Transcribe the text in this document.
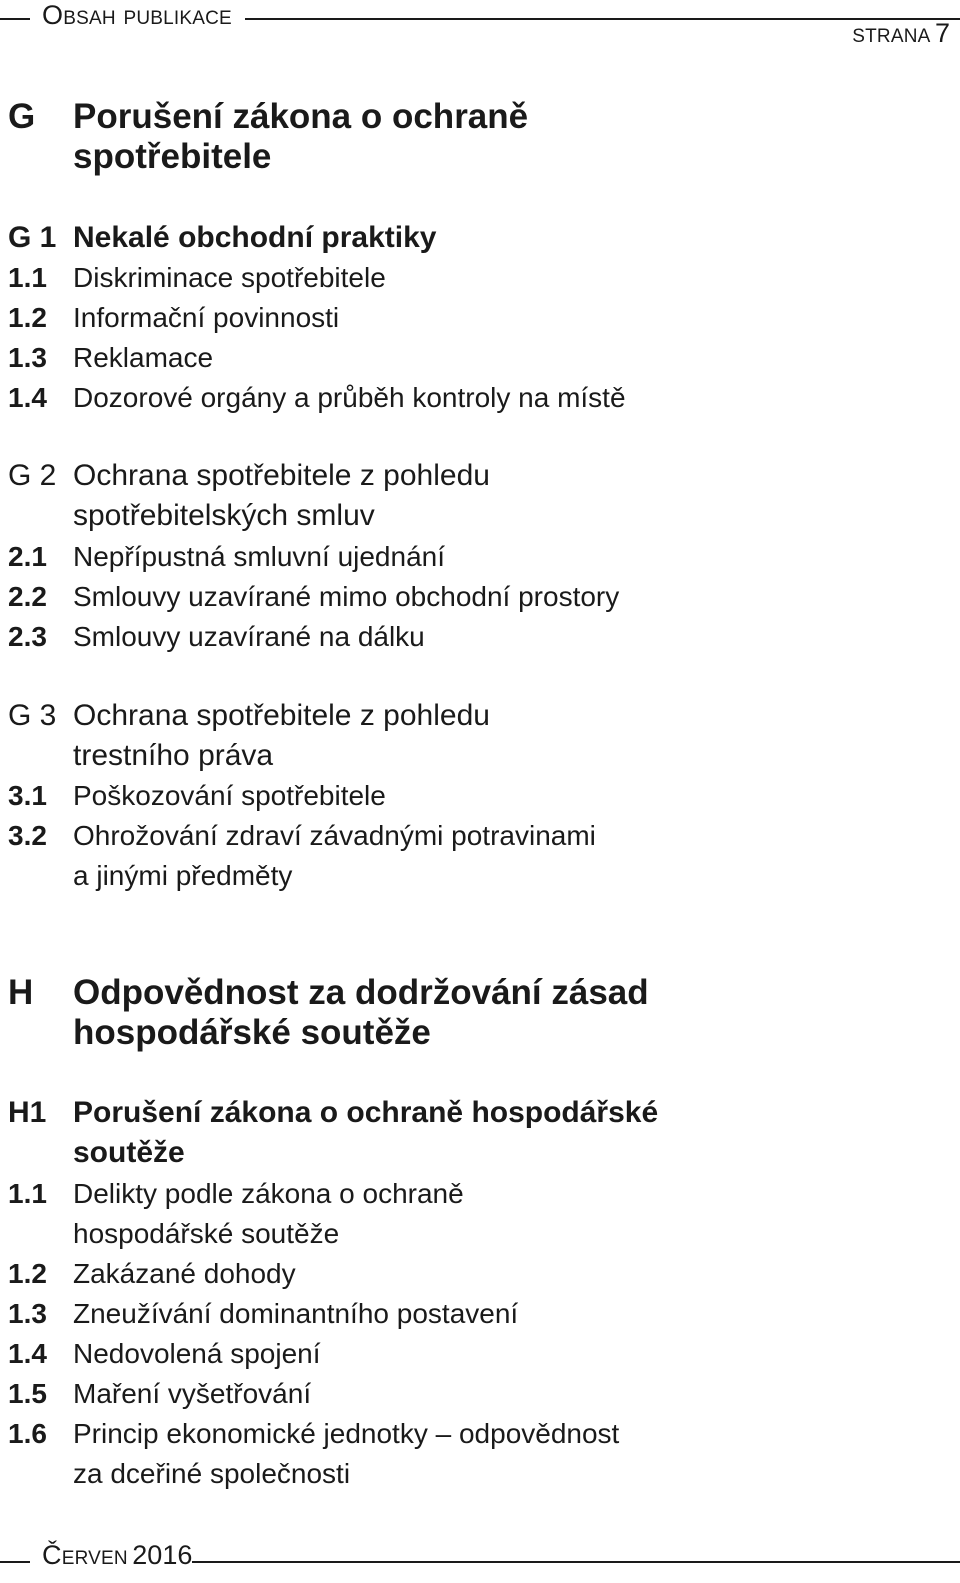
Obsah publikace
strana 7
G Porušení zákona o ochraně
spotřebitele
G 1 Nekalé obchodní praktiky
1.1 Diskriminace spotřebitele
1.2 Informační povinnosti
1.3 Reklamace
1.4 Dozorové orgány a průběh kontroly na místě
G 2 Ochrana spotřebitele z pohledu
spotřebitelských smluv
2.1 Nepřípustná smluvní ujednání
2.2 Smlouvy uzavírané mimo obchodní prostory
2.3 Smlouvy uzavírané na dálku
G 3 Ochrana spotřebitele z pohledu
trestního práva
3.1 Poškozování spotřebitele
3.2 Ohrožování zdraví závadnými potravinami
a jinými předměty
H Odpovědnost za dodržování zásad
hospodářské soutěže
H1 Porušení zákona o ochraně hospodářské
soutěže
1.1 Delikty podle zákona o ochraně
hospodářské soutěže
1.2 Zakázané dohody
1.3 Zneužívání dominantního postavení
1.4 Nedovolená spojení
1.5 Maření vyšetřování
1.6 Princip ekonomické jednotky – odpovědnost
za dceřiné společnosti
Červen 2016
